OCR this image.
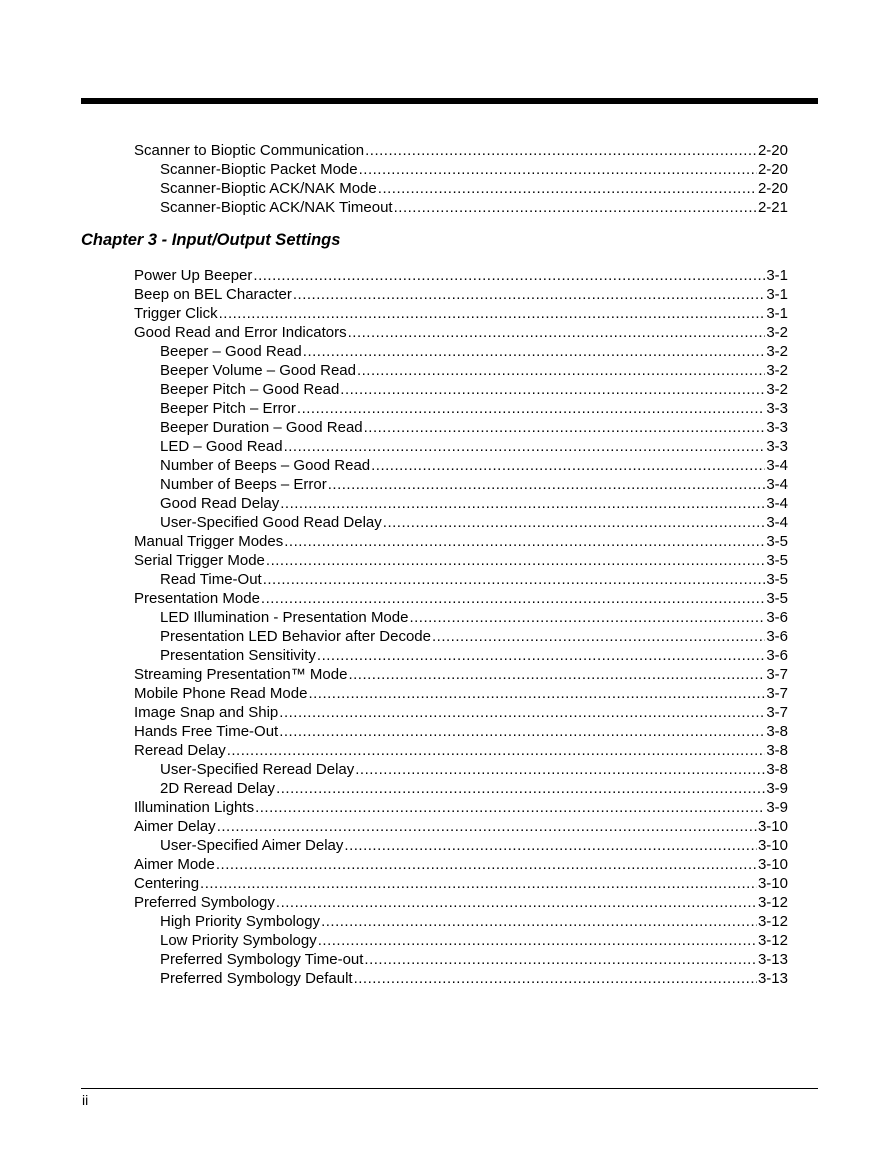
Scanner to Bioptic Communication .....	2-20
Scanner-Bioptic Packet Mode .....	2-20
Scanner-Bioptic ACK/NAK Mode .....	2-20
Scanner-Bioptic ACK/NAK Timeout .....	2-21
Chapter 3 - Input/Output Settings
Power Up Beeper .....	3-1
Beep on BEL Character .....	3-1
Trigger Click .....	3-1
Good Read and Error Indicators .....	3-2
Beeper – Good Read .....	3-2
Beeper Volume – Good Read .....	3-2
Beeper Pitch – Good Read .....	3-2
Beeper Pitch – Error .....	3-3
Beeper Duration – Good Read .....	3-3
LED – Good Read .....	3-3
Number of Beeps – Good Read .....	3-4
Number of Beeps – Error .....	3-4
Good Read Delay .....	3-4
User-Specified Good Read Delay .....	3-4
Manual Trigger Modes .....	3-5
Serial Trigger Mode .....	3-5
Read Time-Out .....	3-5
Presentation Mode .....	3-5
LED Illumination - Presentation Mode .....	3-6
Presentation LED Behavior after Decode .....	3-6
Presentation Sensitivity .....	3-6
Streaming Presentation™ Mode .....	3-7
Mobile Phone Read Mode .....	3-7
Image Snap and Ship .....	3-7
Hands Free Time-Out .....	3-8
Reread Delay .....	3-8
User-Specified Reread Delay .....	3-8
2D Reread Delay .....	3-9
Illumination Lights .....	3-9
Aimer Delay .....	3-10
User-Specified Aimer Delay .....	3-10
Aimer Mode .....	3-10
Centering .....	3-10
Preferred Symbology .....	3-12
High Priority Symbology .....	3-12
Low Priority Symbology .....	3-12
Preferred Symbology Time-out .....	3-13
Preferred Symbology Default .....	3-13
ii
